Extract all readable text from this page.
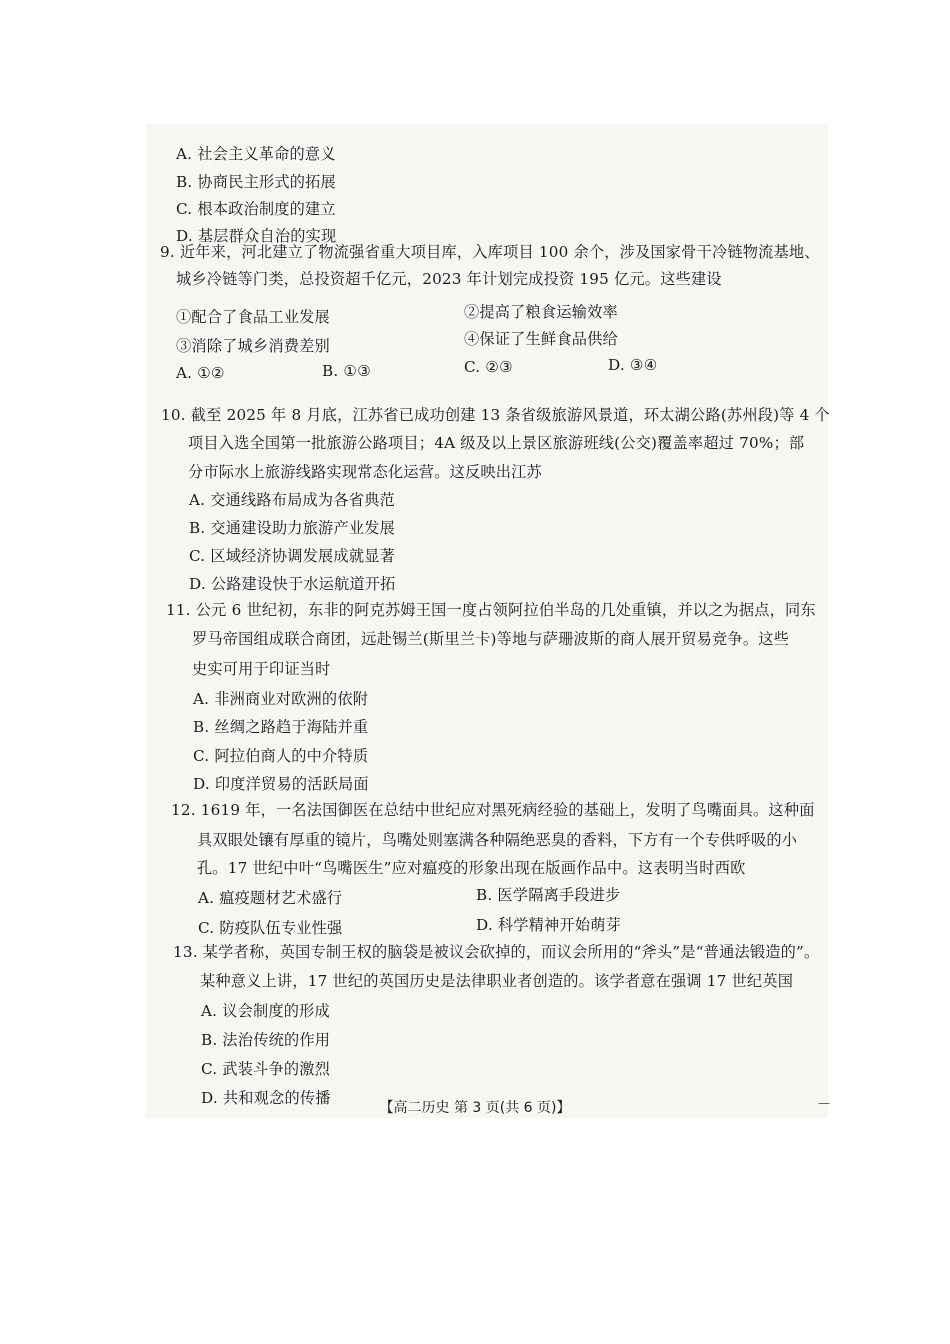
A. 社会主义革命的意义
B. 协商民主形式的拓展
C. 根本政治制度的建立
D. 基层群众自治的实现
9. 近年来，河北建立了物流强省重大项目库，入库项目 100 余个，涉及国家骨干冷链物流基地、
城乡冷链等门类，总投资超千亿元，2023 年计划完成投资 195 亿元。这些建设
①配合了食品工业发展	②提高了粮食运输效率
③消除了城乡消费差别	④保证了生鲜食品供给
A. ①②	B. ①③	C. ②③	D. ③④
10. 截至 2025 年 8 月底，江苏省已成功创建 13 条省级旅游风景道，环太湖公路(苏州段)等 4 个
项目入选全国第一批旅游公路项目；4A 级及以上景区旅游班线(公交)覆盖率超过 70%；部
分市际水上旅游线路实现常态化运营。这反映出江苏
A. 交通线路布局成为各省典范
B. 交通建设助力旅游产业发展
C. 区域经济协调发展成就显著
D. 公路建设快于水运航道开拓
11. 公元 6 世纪初，东非的阿克苏姆王国一度占领阿拉伯半岛的几处重镇，并以之为据点，同东
罗马帝国组成联合商团，远赴锡兰(斯里兰卡)等地与萨珊波斯的商人展开贸易竞争。这些
史实可用于印证当时
A. 非洲商业对欧洲的依附
B. 丝绸之路趋于海陆并重
C. 阿拉伯商人的中介特质
D. 印度洋贸易的活跃局面
12. 1619 年，一名法国御医在总结中世纪应对黑死病经验的基础上，发明了鸟嘴面具。这种面
具双眼处镶有厚重的镜片，鸟嘴处则塞满各种隔绝恶臭的香料，下方有一个专供呼吸的小
孔。17 世纪中叶“鸟嘴医生”应对瘟疫的形象出现在版画作品中。这表明当时西欧
A. 瘟疫题材艺术盛行	B. 医学隔离手段进步
C. 防疫队伍专业性强	D. 科学精神开始萌芽
13. 某学者称，英国专制王权的脑袋是被议会砍掉的，而议会所用的“斧头”是“普通法锻造的”。
某种意义上讲，17 世纪的英国历史是法律职业者创造的。该学者意在强调 17 世纪英国
A. 议会制度的形成
B. 法治传统的作用
C. 武装斗争的激烈
D. 共和观念的传播
【高二历史 第 3 页(共 6 页)】	—
